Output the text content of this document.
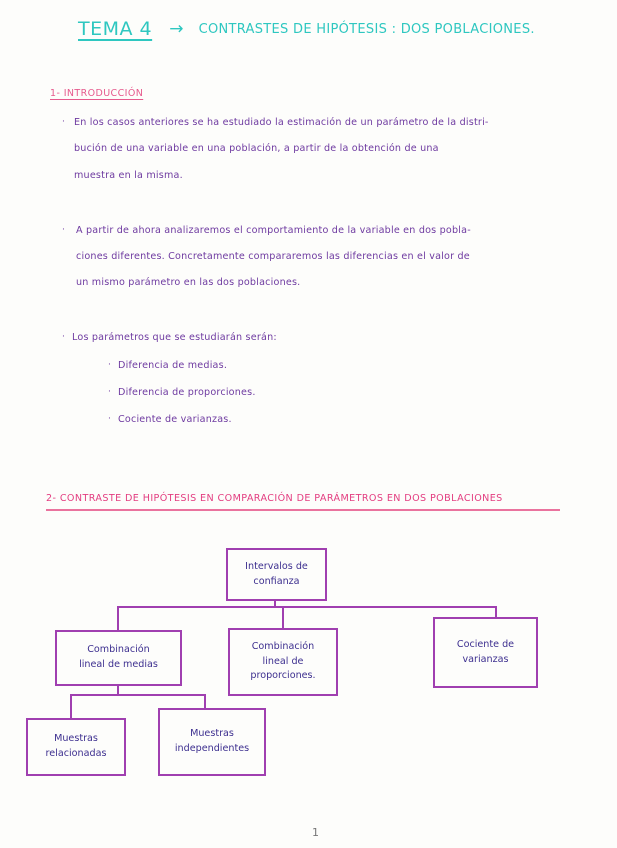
TEMA 4 → CONTRASTES DE HIPÓTESIS : DOS POBLACIONES.
1- INTRODUCCIÓN
· En los casos anteriores se ha estudiado la estimación de un parámetro de la distri-
bución de una variable en una población, a partir de la obtención de una
muestra en la misma.
· A partir de ahora analizaremos el comportamiento de la variable en dos pobla-
ciones diferentes. Concretamente compararemos las diferencias en el valor de
un mismo parámetro en las dos poblaciones.
· Los parámetros que se estudiarán serán:
· Diferencia de medias.
· Diferencia de proporciones.
· Cociente de varianzas.
2- CONTRASTE DE HIPÓTESIS EN COMPARACIÓN DE PARÁMETROS EN DOS POBLACIONES
Intervalos de
confianza
Combinación
lineal de medias
Combinación
lineal de
proporciones.
Cociente de
varianzas
Muestras
relacionadas
Muestras
independientes
1
